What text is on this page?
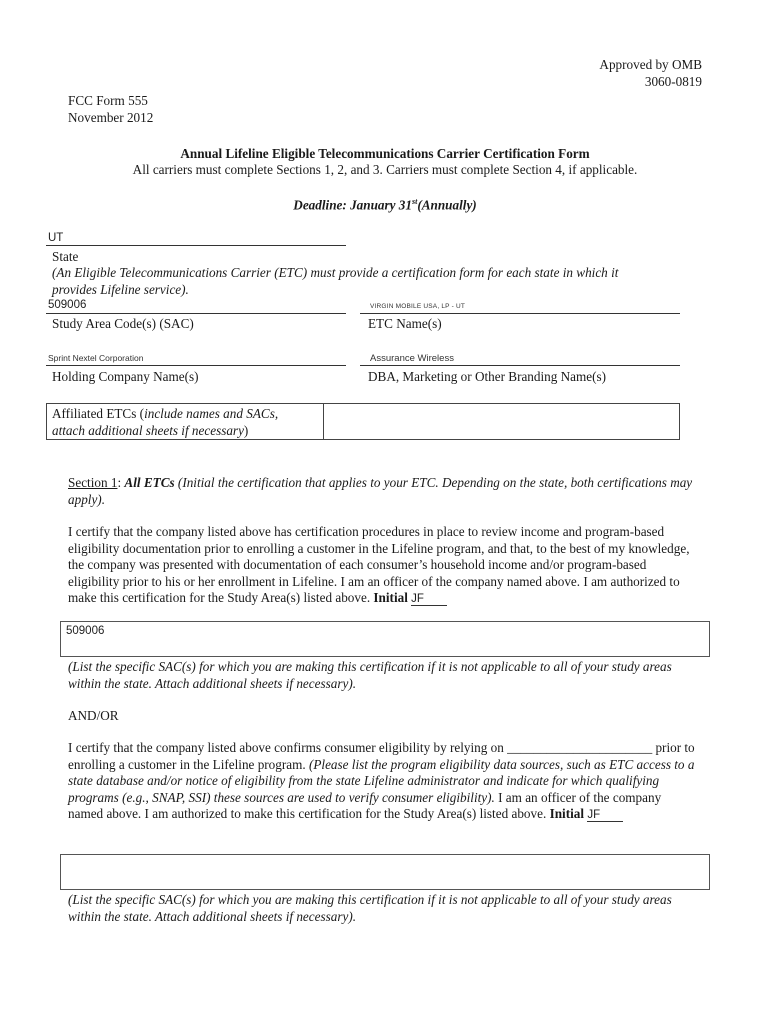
Approved by OMB
3060-0819
FCC Form 555
November 2012
Annual Lifeline Eligible Telecommunications Carrier Certification Form
All carriers must complete Sections 1, 2, and 3. Carriers must complete Section 4, if applicable.
Deadline: January 31st(Annually)
UT
State
(An Eligible Telecommunications Carrier (ETC) must provide a certification form for each state in which it provides Lifeline service).
509006
Study Area Code(s) (SAC)
VIRGIN MOBILE USA, LP - UT
ETC Name(s)
Sprint Nextel Corporation
Holding Company Name(s)
Assurance Wireless
DBA, Marketing or Other Branding Name(s)
Affiliated ETCs (include names and SACs, attach additional sheets if necessary)
Section 1: All ETCs (Initial the certification that applies to your ETC. Depending on the state, both certifications may apply).
I certify that the company listed above has certification procedures in place to review income and program-based eligibility documentation prior to enrolling a customer in the Lifeline program, and that, to the best of my knowledge, the company was presented with documentation of each consumer’s household income and/or program-based eligibility prior to his or her enrollment in Lifeline. I am an officer of the company named above. I am authorized to make this certification for the Study Area(s) listed above. Initial JF
509006
(List the specific SAC(s) for which you are making this certification if it is not applicable to all of your study areas within the state. Attach additional sheets if necessary).
AND/OR
I certify that the company listed above confirms consumer eligibility by relying on ______________________ prior to enrolling a customer in the Lifeline program. (Please list the program eligibility data sources, such as ETC access to a state database and/or notice of eligibility from the state Lifeline administrator and indicate for which qualifying programs (e.g., SNAP, SSI) these sources are used to verify consumer eligibility). I am an officer of the company named above. I am authorized to make this certification for the Study Area(s) listed above. Initial JF
(List the specific SAC(s) for which you are making this certification if it is not applicable to all of your study areas within the state. Attach additional sheets if necessary).
